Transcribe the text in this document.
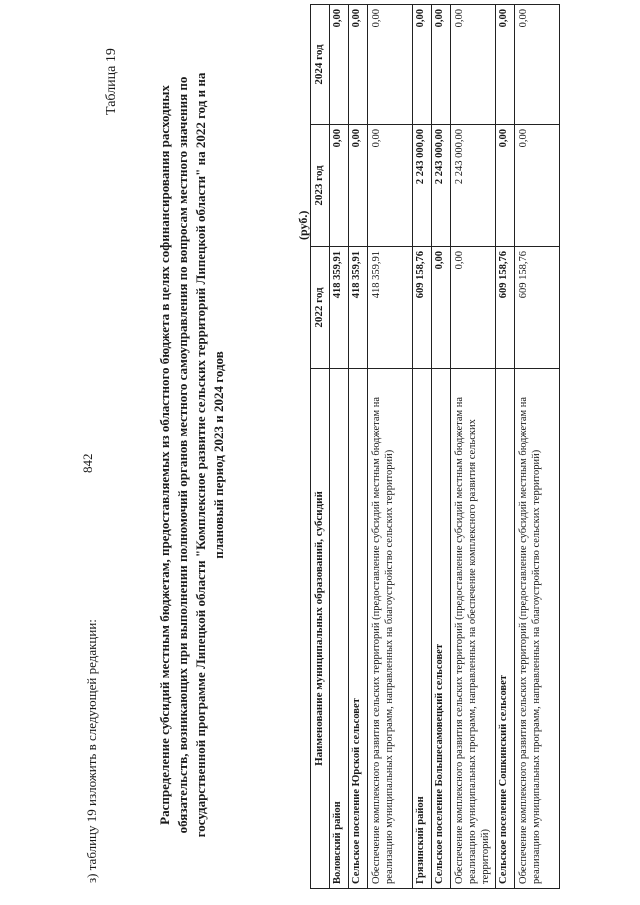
з) таблицу 19 изложить в следующей редакции:
842
Таблица 19
Распределение субсидий местным бюджетам, предоставляемых из областного бюджета в целях софинансирования расходных обязательств, возникающих при выполнении полномочий органов местного самоуправления по вопросам местного значения по государственной программе Липецкой области "Комплексное развитие сельских территорий Липецкой области" на 2022 год и на плановый период 2023 и 2024 годов
(руб.)
Наименование муниципальных образований, субсидий	2022 год	2023 год	2024 год
Воловский район	418 359,91	0,00	0,00
Сельское поселение Юрской сельсовет	418 359,91	0,00	0,00
Обеспечение комплексного развития сельских территорий (предоставление субсидий местным бюджетам на реализацию муниципальных программ, направленных на благоустройство сельских территорий)	418 359,91	0,00	0,00
Грязинский район	609 158,76	2 243 000,00	0,00
Сельское поселение Большесамовецкий сельсовет	0,00	2 243 000,00	0,00
Обеспечение комплексного развития сельских территорий (предоставление субсидий местным бюджетам на реализацию муниципальных программ, направленных на обеспечение комплексного развития сельских территорий)	0,00	2 243 000,00	0,00
Сельское поселение Сошкинский сельсовет	609 158,76	0,00	0,00
Обеспечение комплексного развития сельских территорий (предоставление субсидий местным бюджетам на реализацию муниципальных программ, направленных на благоустройство сельских территорий)	609 158,76	0,00	0,00
